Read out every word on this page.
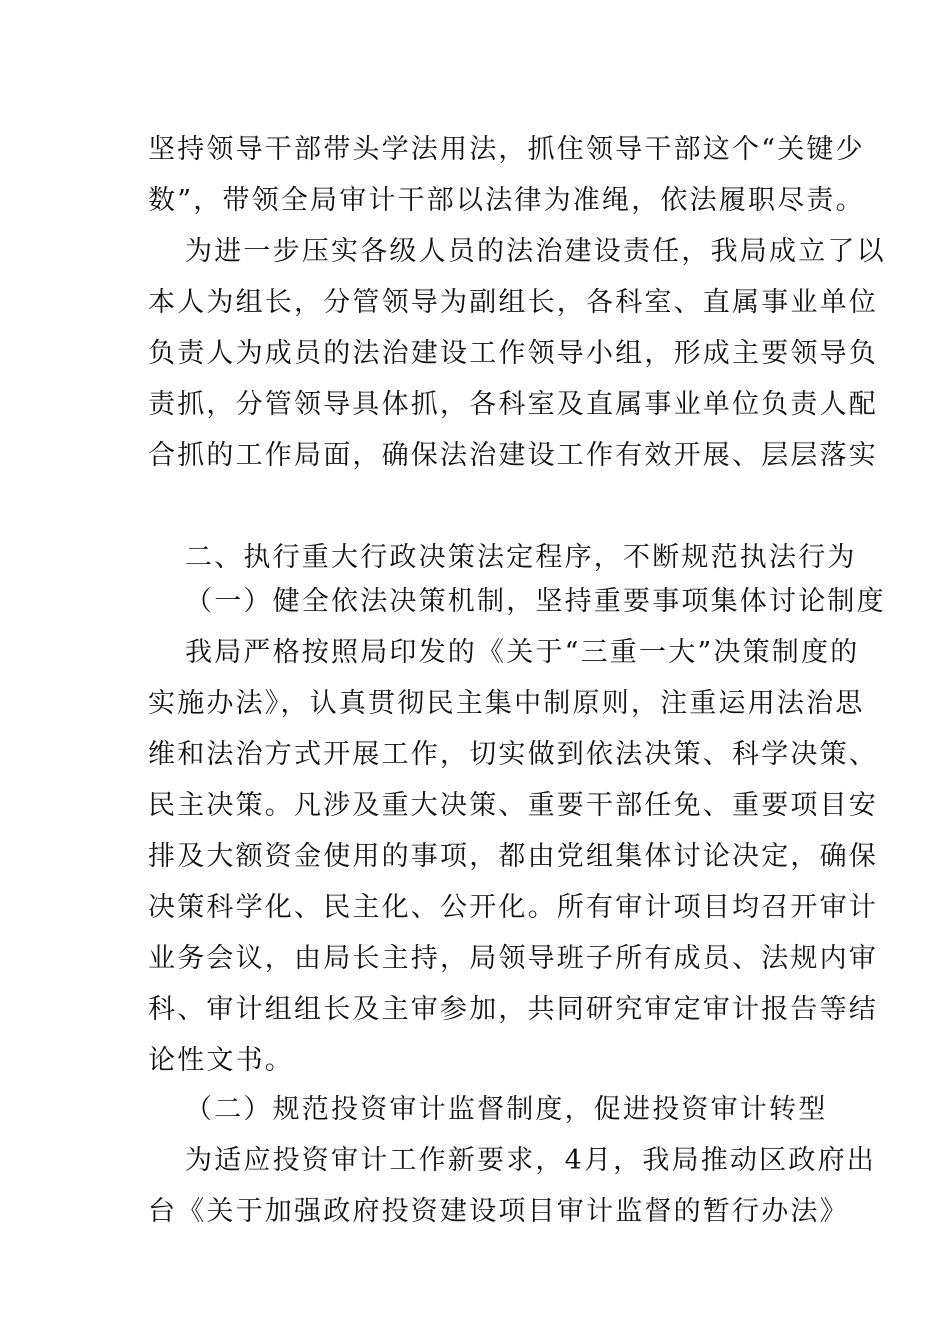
坚持领导干部带头学法用法，抓住领导干部这个“关键少
数”，带领全局审计干部以法律为准绳，依法履职尽责。
为进一步压实各级人员的法治建设责任，我局成立了以
本人为组长，分管领导为副组长，各科室、直属事业单位
负责人为成员的法治建设工作领导小组，形成主要领导负
责抓，分管领导具体抓，各科室及直属事业单位负责人配
合抓的工作局面，确保法治建设工作有效开展、层层落实
二、执行重大行政决策法定程序，不断规范执法行为
（一）健全依法决策机制，坚持重要事项集体讨论制度
我局严格按照局印发的《关于“三重一大”决策制度的
实施办法》，认真贯彻民主集中制原则，注重运用法治思
维和法治方式开展工作，切实做到依法决策、科学决策、
民主决策。凡涉及重大决策、重要干部任免、重要项目安
排及大额资金使用的事项，都由党组集体讨论决定，确保
决策科学化、民主化、公开化。所有审计项目均召开审计
业务会议，由局长主持，局领导班子所有成员、法规内审
科、审计组组长及主审参加，共同研究审定审计报告等结
论性文书。
（二）规范投资审计监督制度，促进投资审计转型
为适应投资审计工作新要求，4月，我局推动区政府出
台《关于加强政府投资建设项目审计监督的暂行办法》
